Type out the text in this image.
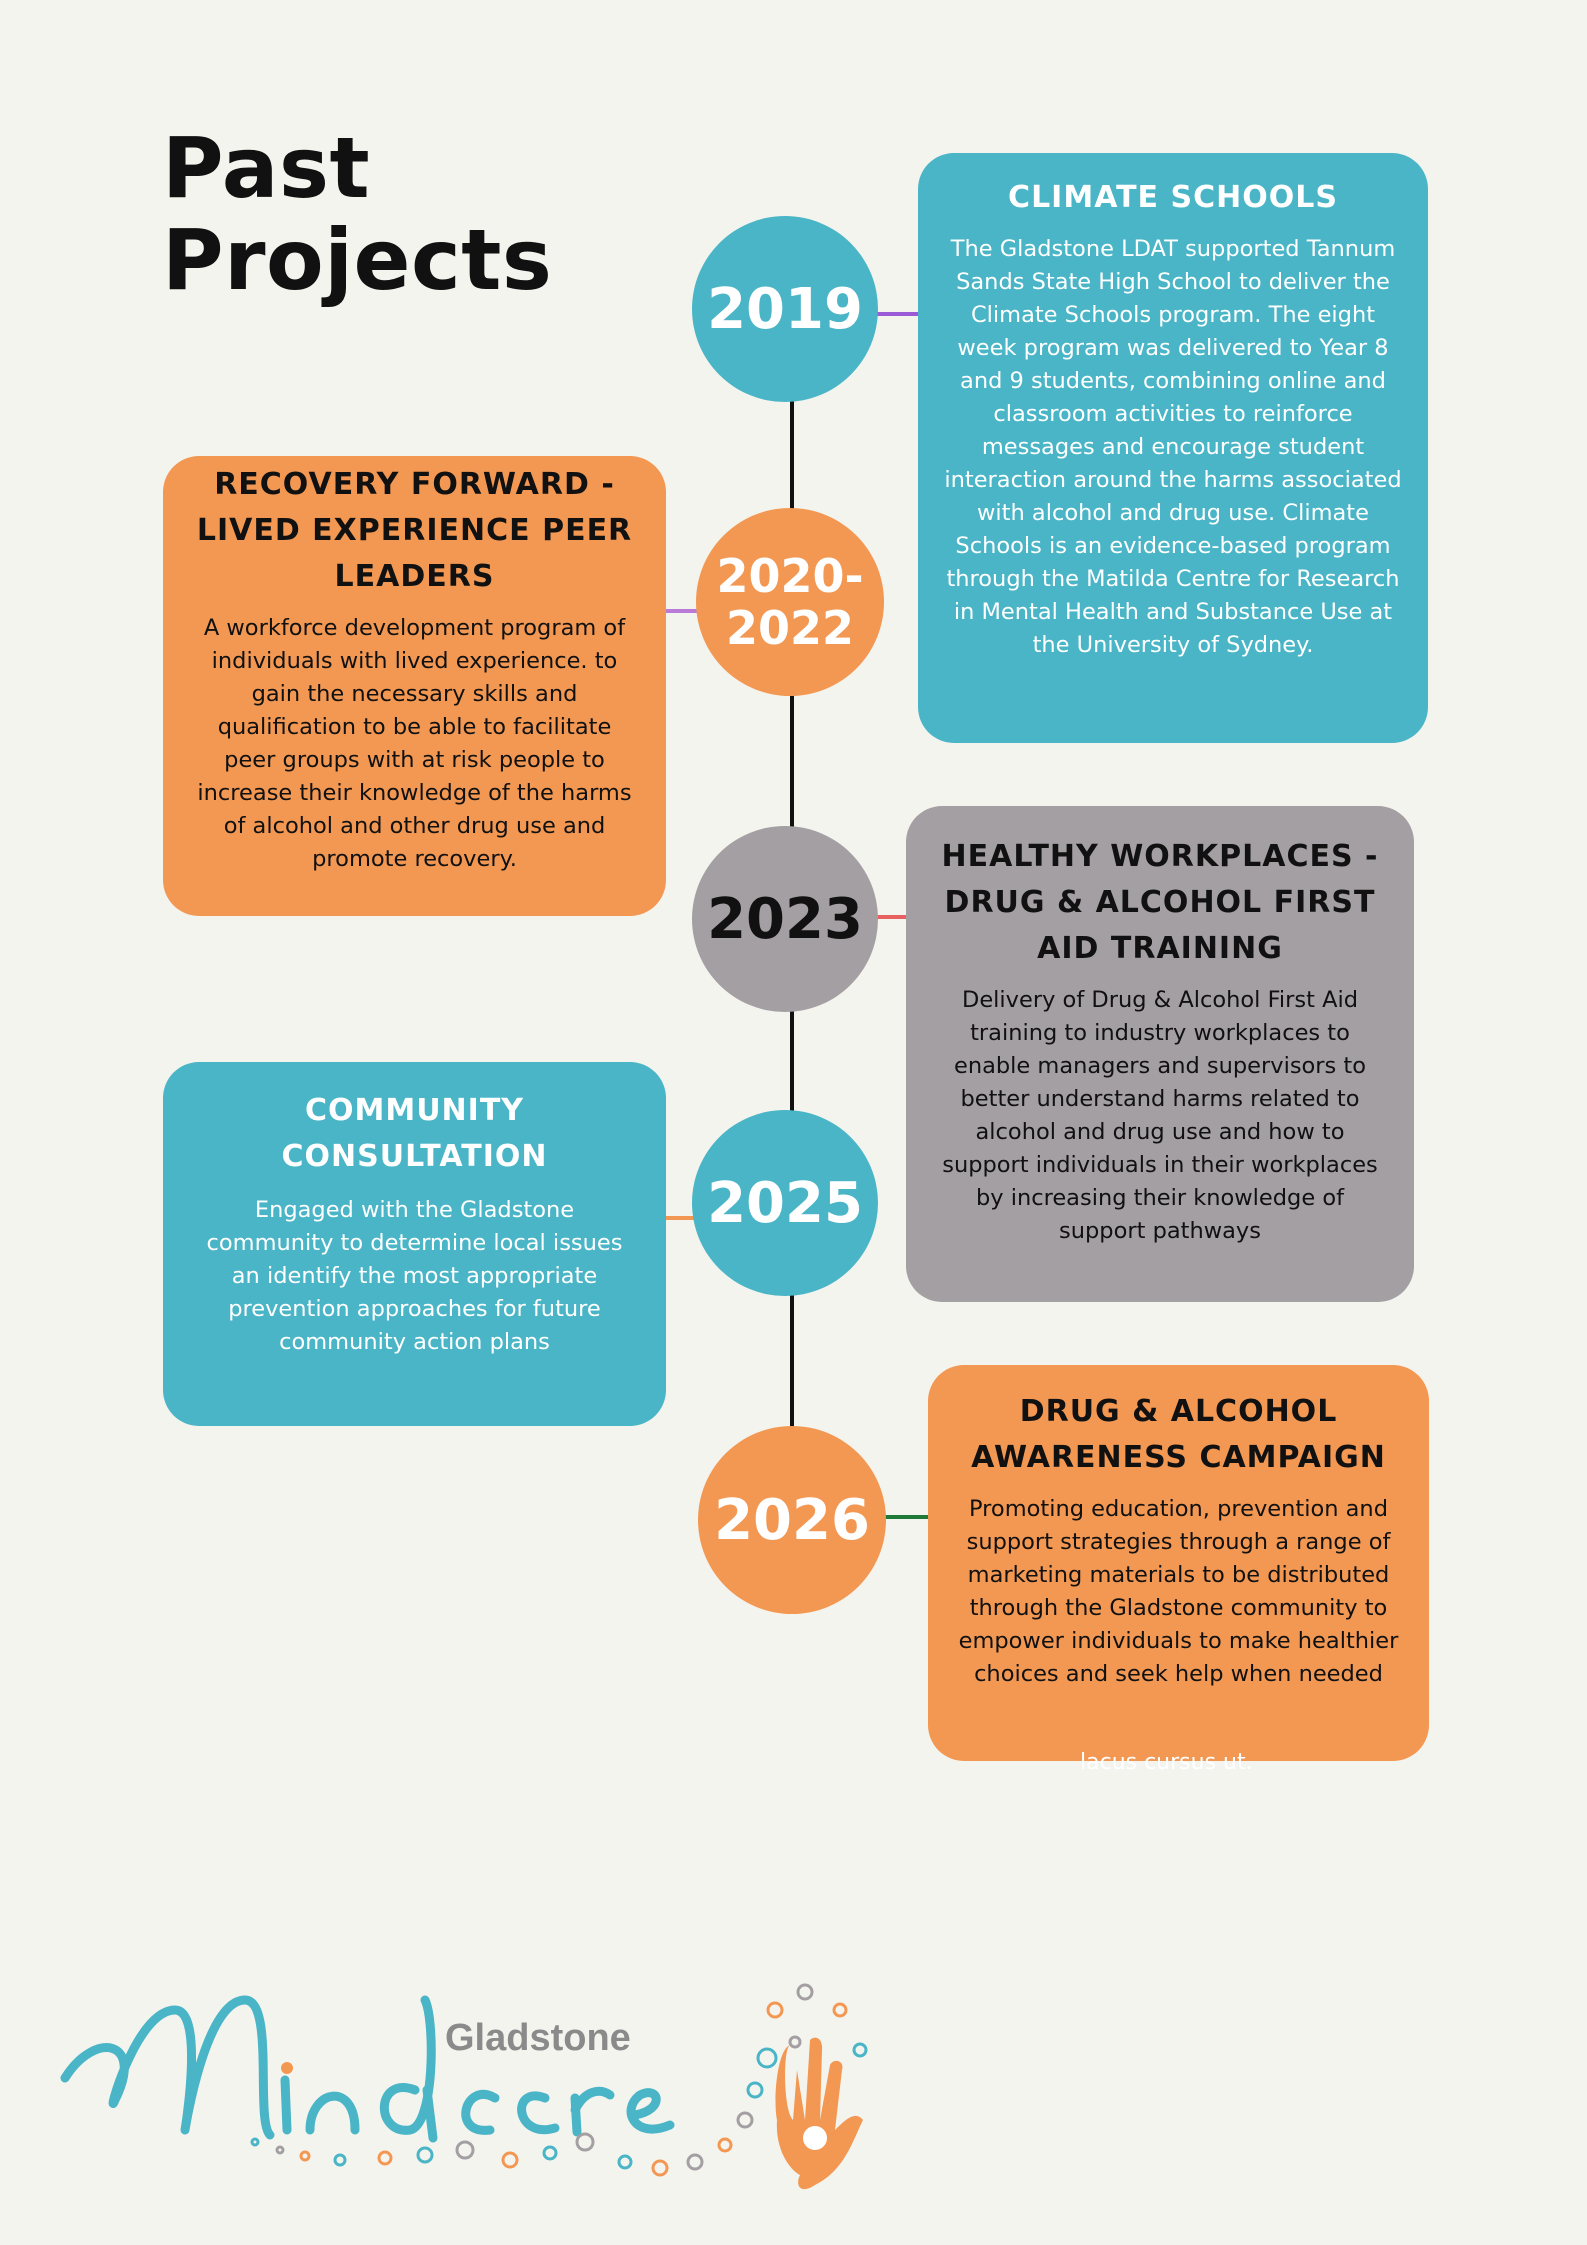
Past
Projects	2019
2020-
2022
2023
2025
2026
CLIMATE SCHOOLS

The Gladstone LDAT supported Tannum Sands State High School to deliver the Climate Schools program. The eight week program was delivered to Year 8 and 9 students, combining online and classroom activities to reinforce messages and encourage student interaction around the harms associated with alcohol and drug use. Climate Schools is an evidence-based program through the Matilda Centre for Research in Mental Health and Substance Use at the University of Sydney.

RECOVERY FORWARD - LIVED EXPERIENCE PEER LEADERS

A workforce development program of individuals with lived experience. to gain the necessary skills and qualification to be able to facilitate peer groups with at risk people to increase their knowledge of the harms of alcohol and other drug use and promote recovery.	HEALTHY WORKPLACES - DRUG & ALCOHOL FIRST AID TRAINING

Delivery of Drug & Alcohol First Aid training to industry workplaces to enable managers and supervisors to better understand harms related to alcohol and drug use and how to support individuals in their workplaces by increasing their knowledge of support pathways

COMMUNITY CONSULTATION

Engaged with the Gladstone community to determine local issues an identify the most appropriate prevention approaches for future community action plans

DRUG & ALCOHOL AWARENESS CAMPAIGN

Promoting education, prevention and support strategies through a range of marketing materials to be distributed through the Gladstone community to empower individuals to make healthier choices and seek help when needed

lacus cursus ut.
Gladstone
